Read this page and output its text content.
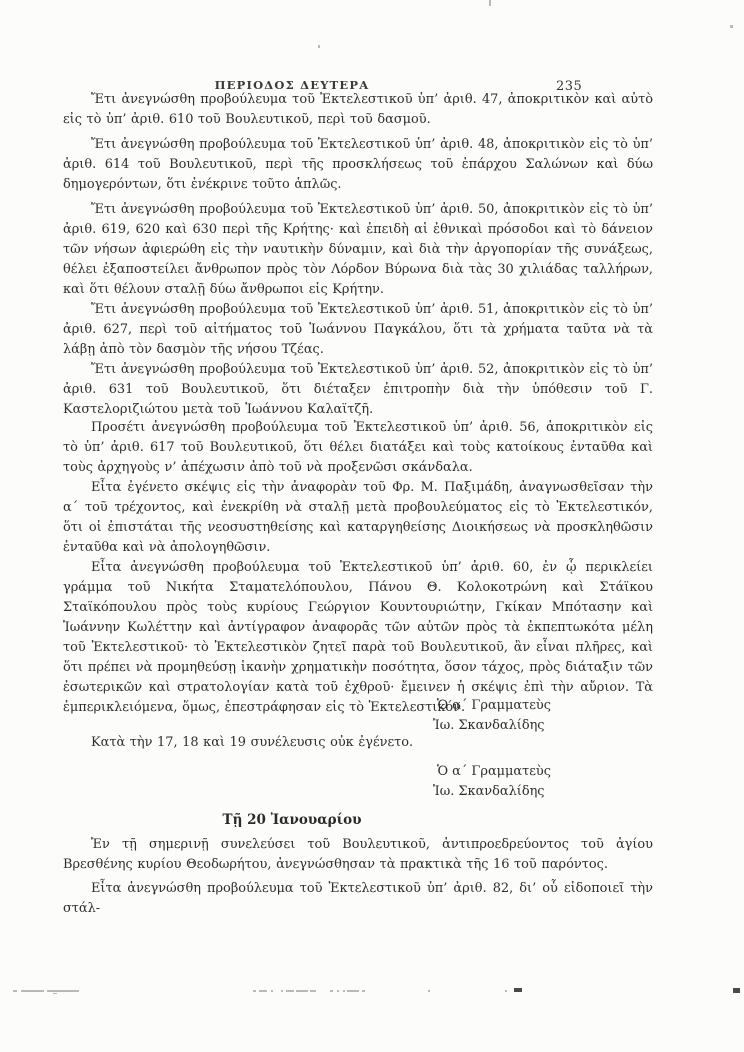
ΠΕΡΙΟΔΟΣ ΔΕΥΤΕΡΑ	235

Ἔτι ἀνεγνώσθη προβούλευμα τοῦ Ἐκτελεστικοῦ ὑπ’ ἀριθ. 47, ἀποκριτικὸν καὶ αὐτὸ εἰς τὸ ὑπ’ ἀριθ. 610 τοῦ Βουλευτικοῦ, περὶ τοῦ δασμοῦ.

Ἔτι ἀνεγνώσθη προβούλευμα τοῦ Ἐκτελεστικοῦ ὑπ’ ἀριθ. 48, ἀποκριτικὸν εἰς τὸ ὑπ’ ἀριθ. 614 τοῦ Βουλευτικοῦ, περὶ τῆς προσκλήσεως τοῦ ἐπάρχου Σαλώνων καὶ δύω δημογερόντων, ὅτι ἐνέκρινε τοῦτο ἁπλῶς.

Ἔτι ἀνεγνώσθη προβούλευμα τοῦ Ἐκτελεστικοῦ ὑπ’ ἀριθ. 50, ἀποκριτικὸν εἰς τὸ ὑπ’ ἀριθ. 619, 620 καὶ 630 περὶ τῆς Κρήτης· καὶ ἐπειδὴ αἱ ἐθνικαὶ πρόσοδοι καὶ τὸ δάνειον τῶν νήσων ἀφιερώθη εἰς τὴν ναυτικὴν δύναμιν, καὶ διὰ τὴν ἀργοπορίαν τῆς συνάξεως, θέλει ἐξαποστείλει ἄνθρωπον πρὸς τὸν Λόρδον Βύρωνα διὰ τὰς 30 χιλιάδας ταλλήρων, καὶ ὅτι θέλουν σταλῇ δύω ἄνθρωποι εἰς Κρήτην.

Ἔτι ἀνεγνώσθη προβούλευμα τοῦ Ἐκτελεστικοῦ ὑπ’ ἀριθ. 51, ἀποκριτικὸν εἰς τὸ ὑπ’ ἀριθ. 627, περὶ τοῦ αἰτήματος τοῦ Ἰωάννου Παγκάλου, ὅτι τὰ χρήματα ταῦτα νὰ τὰ λάβῃ ἀπὸ τὸν δασμὸν τῆς νήσου Τζέας.

Ἔτι ἀνεγνώσθη προβούλευμα τοῦ Ἐκτελεστικοῦ ὑπ’ ἀριθ. 52, ἀποκριτικὸν εἰς τὸ ὑπ’ ἀριθ. 631 τοῦ Βουλευτικοῦ, ὅτι διέταξεν ἐπιτροπὴν διὰ τὴν ὑπόθεσιν τοῦ Γ. Καστελοριζιώτου μετὰ τοῦ Ἰωάννου Καλαϊτζῆ.

Προσέτι ἀνεγνώσθη προβούλευμα τοῦ Ἐκτελεστικοῦ ὑπ’ ἀριθ. 56, ἀποκριτικὸν εἰς τὸ ὑπ’ ἀριθ. 617 τοῦ Βουλευτικοῦ, ὅτι θέλει διατάξει καὶ τοὺς κατοίκους ἐνταῦθα καὶ τοὺς ἀρχηγοὺς ν’ ἀπέχωσιν ἀπὸ τοῦ νὰ προξενῶσι σκάνδαλα.

Εἶτα ἐγένετο σκέψις εἰς τὴν ἀναφορὰν τοῦ Φρ. Μ. Παξιμάδη, ἀναγνωσθεῖσαν τὴν α΄ τοῦ τρέχοντος, καὶ ἐνεκρίθη νὰ σταλῇ μετὰ προβουλεύματος εἰς τὸ Ἐκτελεστικόν, ὅτι οἱ ἐπιστάται τῆς νεοσυστηθείσης καὶ καταργηθείσης Διοικήσεως νὰ προσκληθῶσιν ἐνταῦθα καὶ νὰ ἀπολογηθῶσιν.

Εἶτα ἀνεγνώσθη προβούλευμα τοῦ Ἐκτελεστικοῦ ὑπ’ ἀριθ. 60, ἐν ᾧ περικλείει γράμμα τοῦ Νικήτα Σταματελόπουλου, Πάνου Θ. Κολοκοτρώνη καὶ Στάϊκου Σταϊκόπουλου πρὸς τοὺς κυρίους Γεώργιον Κουντουριώτην, Γκίκαν Μπότασην καὶ Ἰωάννην Κωλέττην καὶ ἀντίγραφον ἀναφορᾶς τῶν αὐτῶν πρὸς τὰ ἐκπεπτωκότα μέλη τοῦ Ἐκτελεστικοῦ· τὸ Ἐκτελεστικὸν ζητεῖ παρὰ τοῦ Βουλευτικοῦ, ἂν εἶναι πλῆρες, καὶ ὅτι πρέπει νὰ προμηθεύσῃ ἱκανὴν χρηματικὴν ποσότητα, ὅσον τάχος, πρὸς διάταξιν τῶν ἐσωτερικῶν καὶ στρατολογίαν κατὰ τοῦ ἐχθροῦ· ἔμεινεν ἡ σκέψις ἐπὶ τὴν αὔριον. Τὰ ἐμπερικλειόμενα, ὅμως, ἐπεστράφησαν εἰς τὸ Ἐκτελεστικόν.

Ὁ α΄ Γραμματεὺς
Ἰω. Σκανδαλίδης

Κατὰ τὴν 17, 18 καὶ 19 συνέλευσις οὐκ ἐγένετο.

Ὁ α΄ Γραμματεὺς
Ἰω. Σκανδαλίδης
Τῇ 20 Ἰανουαρίου

Ἐν τῇ σημερινῇ συνελεύσει τοῦ Βουλευτικοῦ, ἀντιπροεδρεύοντος τοῦ ἁγίου Βρεσθένης κυρίου Θεοδωρήτου, ἀνεγνώσθησαν τὰ πρακτικὰ τῆς 16 τοῦ παρόντος.

Εἶτα ἀνεγνώσθη προβούλευμα τοῦ Ἐκτελεστικοῦ ὑπ’ ἀριθ. 82, δι’ οὗ εἰδοποιεῖ τὴν στάλ-
